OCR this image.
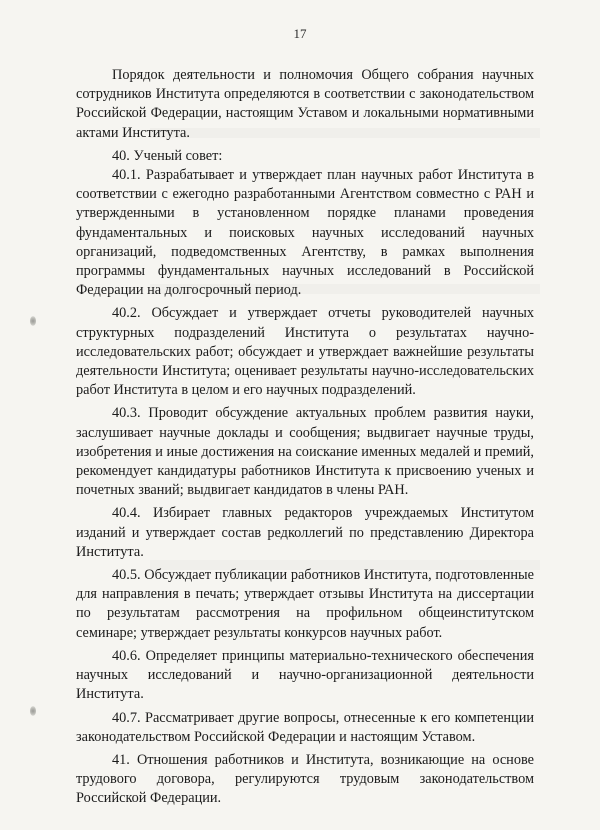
17

Порядок деятельности и полномочия Общего собрания научных сотрудников Института определяются в соответствии с законодательством Российской Федерации, настоящим Уставом и локальными нормативными актами Института.

40. Ученый совет:

40.1. Разрабатывает и утверждает план научных работ Института в соответствии с ежегодно разработанными Агентством совместно с РАН и утвержденными в установленном порядке планами проведения фундаментальных и поисковых научных исследований научных организаций, подведомственных Агентству, в рамках выполнения программы фундаментальных научных исследований в Российской Федерации на долгосрочный период.

40.2. Обсуждает и утверждает отчеты руководителей научных структурных подразделений Института о результатах научно-исследовательских работ; обсуждает и утверждает важнейшие результаты деятельности Института; оценивает результаты научно-исследовательских работ Института в целом и его научных подразделений.

40.3. Проводит обсуждение актуальных проблем развития науки, заслушивает научные доклады и сообщения; выдвигает научные труды, изобретения и иные достижения на соискание именных медалей и премий, рекомендует кандидатуры работников Института к присвоению ученых и почетных званий; выдвигает кандидатов в члены РАН.

40.4. Избирает главных редакторов учреждаемых Институтом изданий и утверждает состав редколлегий по представлению Директора Института.

40.5. Обсуждает публикации работников Института, подготовленные для направления в печать; утверждает отзывы Института на диссертации по результатам рассмотрения на профильном общеинститутском семинаре; утверждает результаты конкурсов научных работ.

40.6. Определяет принципы материально-технического обеспечения научных исследований и научно-организационной деятельности Института.

40.7. Рассматривает другие вопросы, отнесенные к его компетенции законодательством Российской Федерации и настоящим Уставом.

41. Отношения работников и Института, возникающие на основе трудового договора, регулируются трудовым законодательством Российской Федерации.
